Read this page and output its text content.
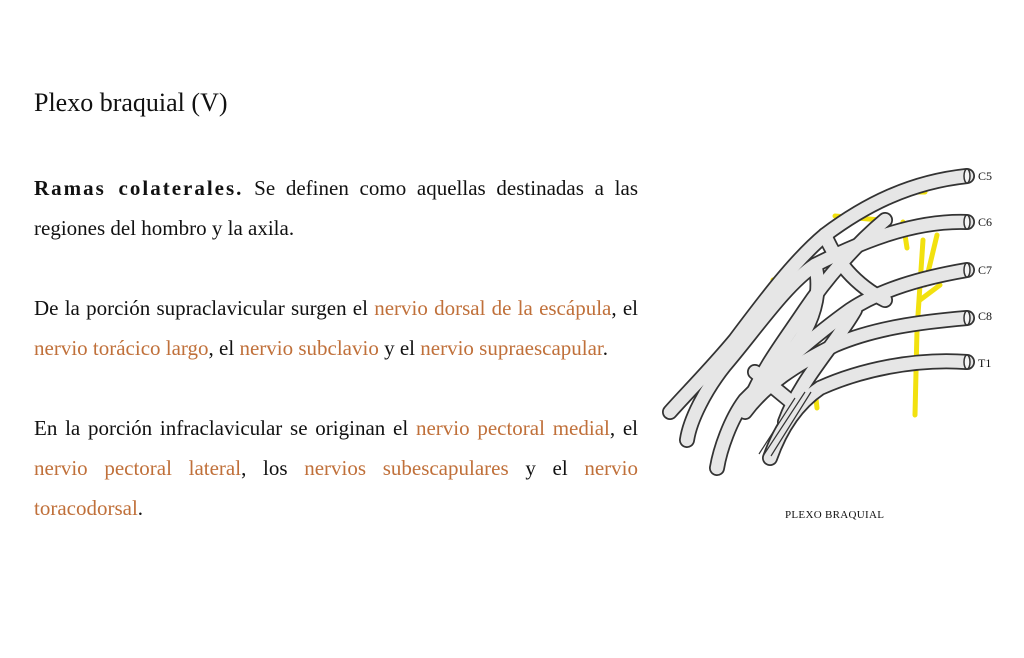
Plexo braquial (V)

Ramas colaterales. Se definen como aquellas destinadas a las regiones del hombro y la axila.

De la porción supraclavicular surgen el nervio dorsal de la escápula, el nervio torácico largo, el nervio subclavio y el nervio supraescapular.

En la porción infraclavicular se originan el nervio pectoral medial, el nervio pectoral lateral, los nervios subescapulares y el nervio toracodorsal.

C5
C6
C7
C8
T1
PLEXO BRAQUIAL
